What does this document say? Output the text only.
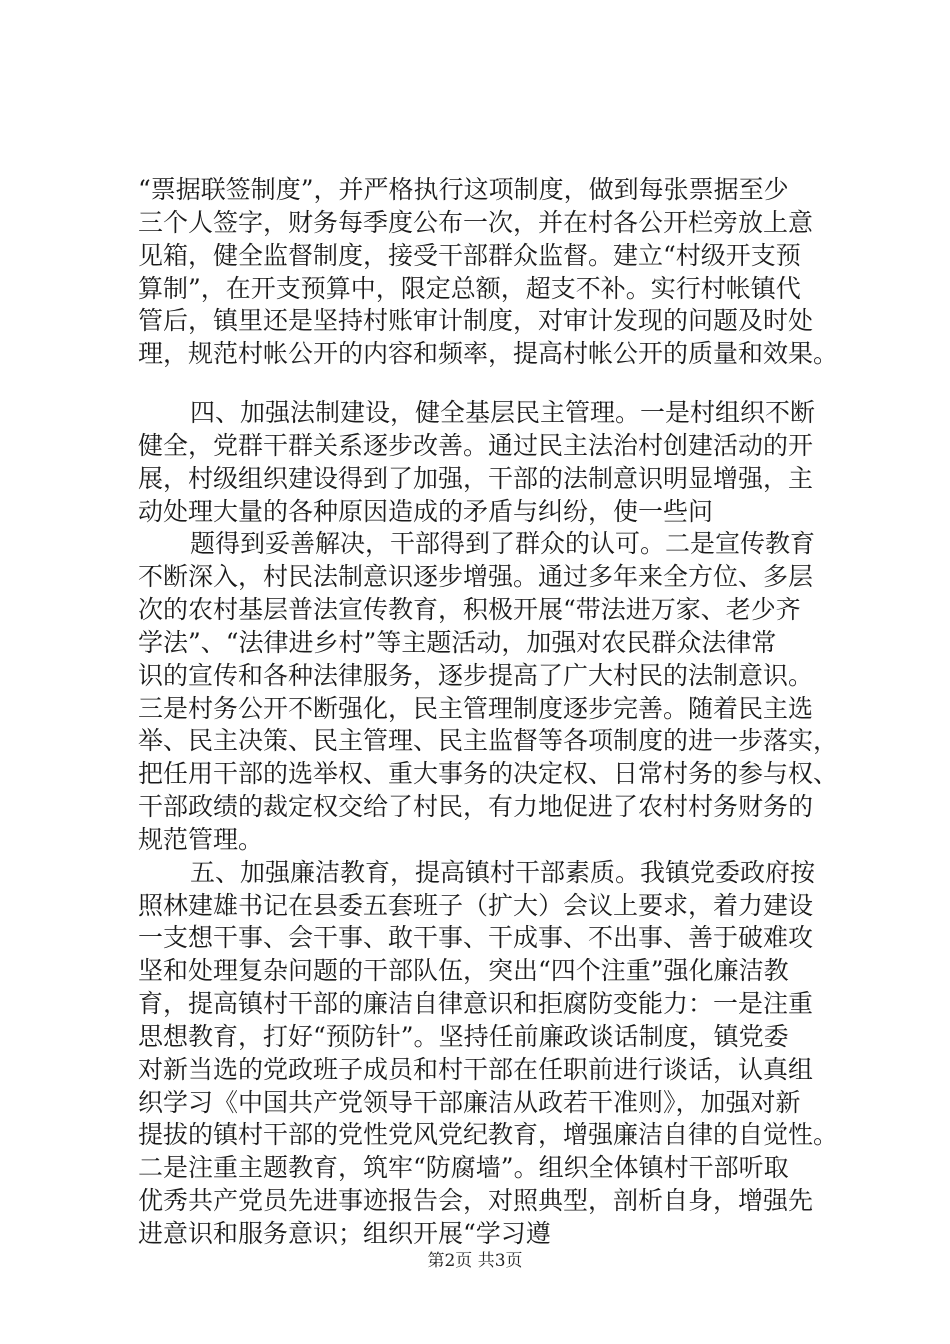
“票据联签制度”，并严格执行这项制度，做到每张票据至少
三个人签字，财务每季度公布一次，并在村各公开栏旁放上意
见箱，健全监督制度，接受干部群众监督。建立“村级开支预
算制”，在开支预算中，限定总额，超支不补。实行村帐镇代
管后，镇里还是坚持村账审计制度，对审计发现的问题及时处
理，规范村帐公开的内容和频率，提高村帐公开的质量和效果。
四、加强法制建设，健全基层民主管理。一是村组织不断
健全，党群干群关系逐步改善。通过民主法治村创建活动的开
展，村级组织建设得到了加强，干部的法制意识明显增强，主
动处理大量的各种原因造成的矛盾与纠纷，使一些问
题得到妥善解决，干部得到了群众的认可。二是宣传教育
不断深入，村民法制意识逐步增强。通过多年来全方位、多层
次的农村基层普法宣传教育，积极开展“带法进万家、老少齐
学法”、“法律进乡村”等主题活动，加强对农民群众法律常
识的宣传和各种法律服务，逐步提高了广大村民的法制意识。
三是村务公开不断强化，民主管理制度逐步完善。随着民主选
举、民主决策、民主管理、民主监督等各项制度的进一步落实，
把任用干部的选举权、重大事务的决定权、日常村务的参与权、
干部政绩的裁定权交给了村民，有力地促进了农村村务财务的
规范管理。
五、加强廉洁教育，提高镇村干部素质。我镇党委政府按
照林建雄书记在县委五套班子（扩大）会议上要求，着力建设
一支想干事、会干事、敢干事、干成事、不出事、善于破难攻
坚和处理复杂问题的干部队伍，突出“四个注重”强化廉洁教
育，提高镇村干部的廉洁自律意识和拒腐防变能力：一是注重
思想教育，打好“预防针”。坚持任前廉政谈话制度，镇党委
对新当选的党政班子成员和村干部在任职前进行谈话，认真组
织学习《中国共产党领导干部廉洁从政若干准则》，加强对新
提拔的镇村干部的党性党风党纪教育，增强廉洁自律的自觉性。
二是注重主题教育，筑牢“防腐墙”。组织全体镇村干部听取
优秀共产党员先进事迹报告会，对照典型，剖析自身，增强先
进意识和服务意识；组织开展“学习遵
第2页 共3页
